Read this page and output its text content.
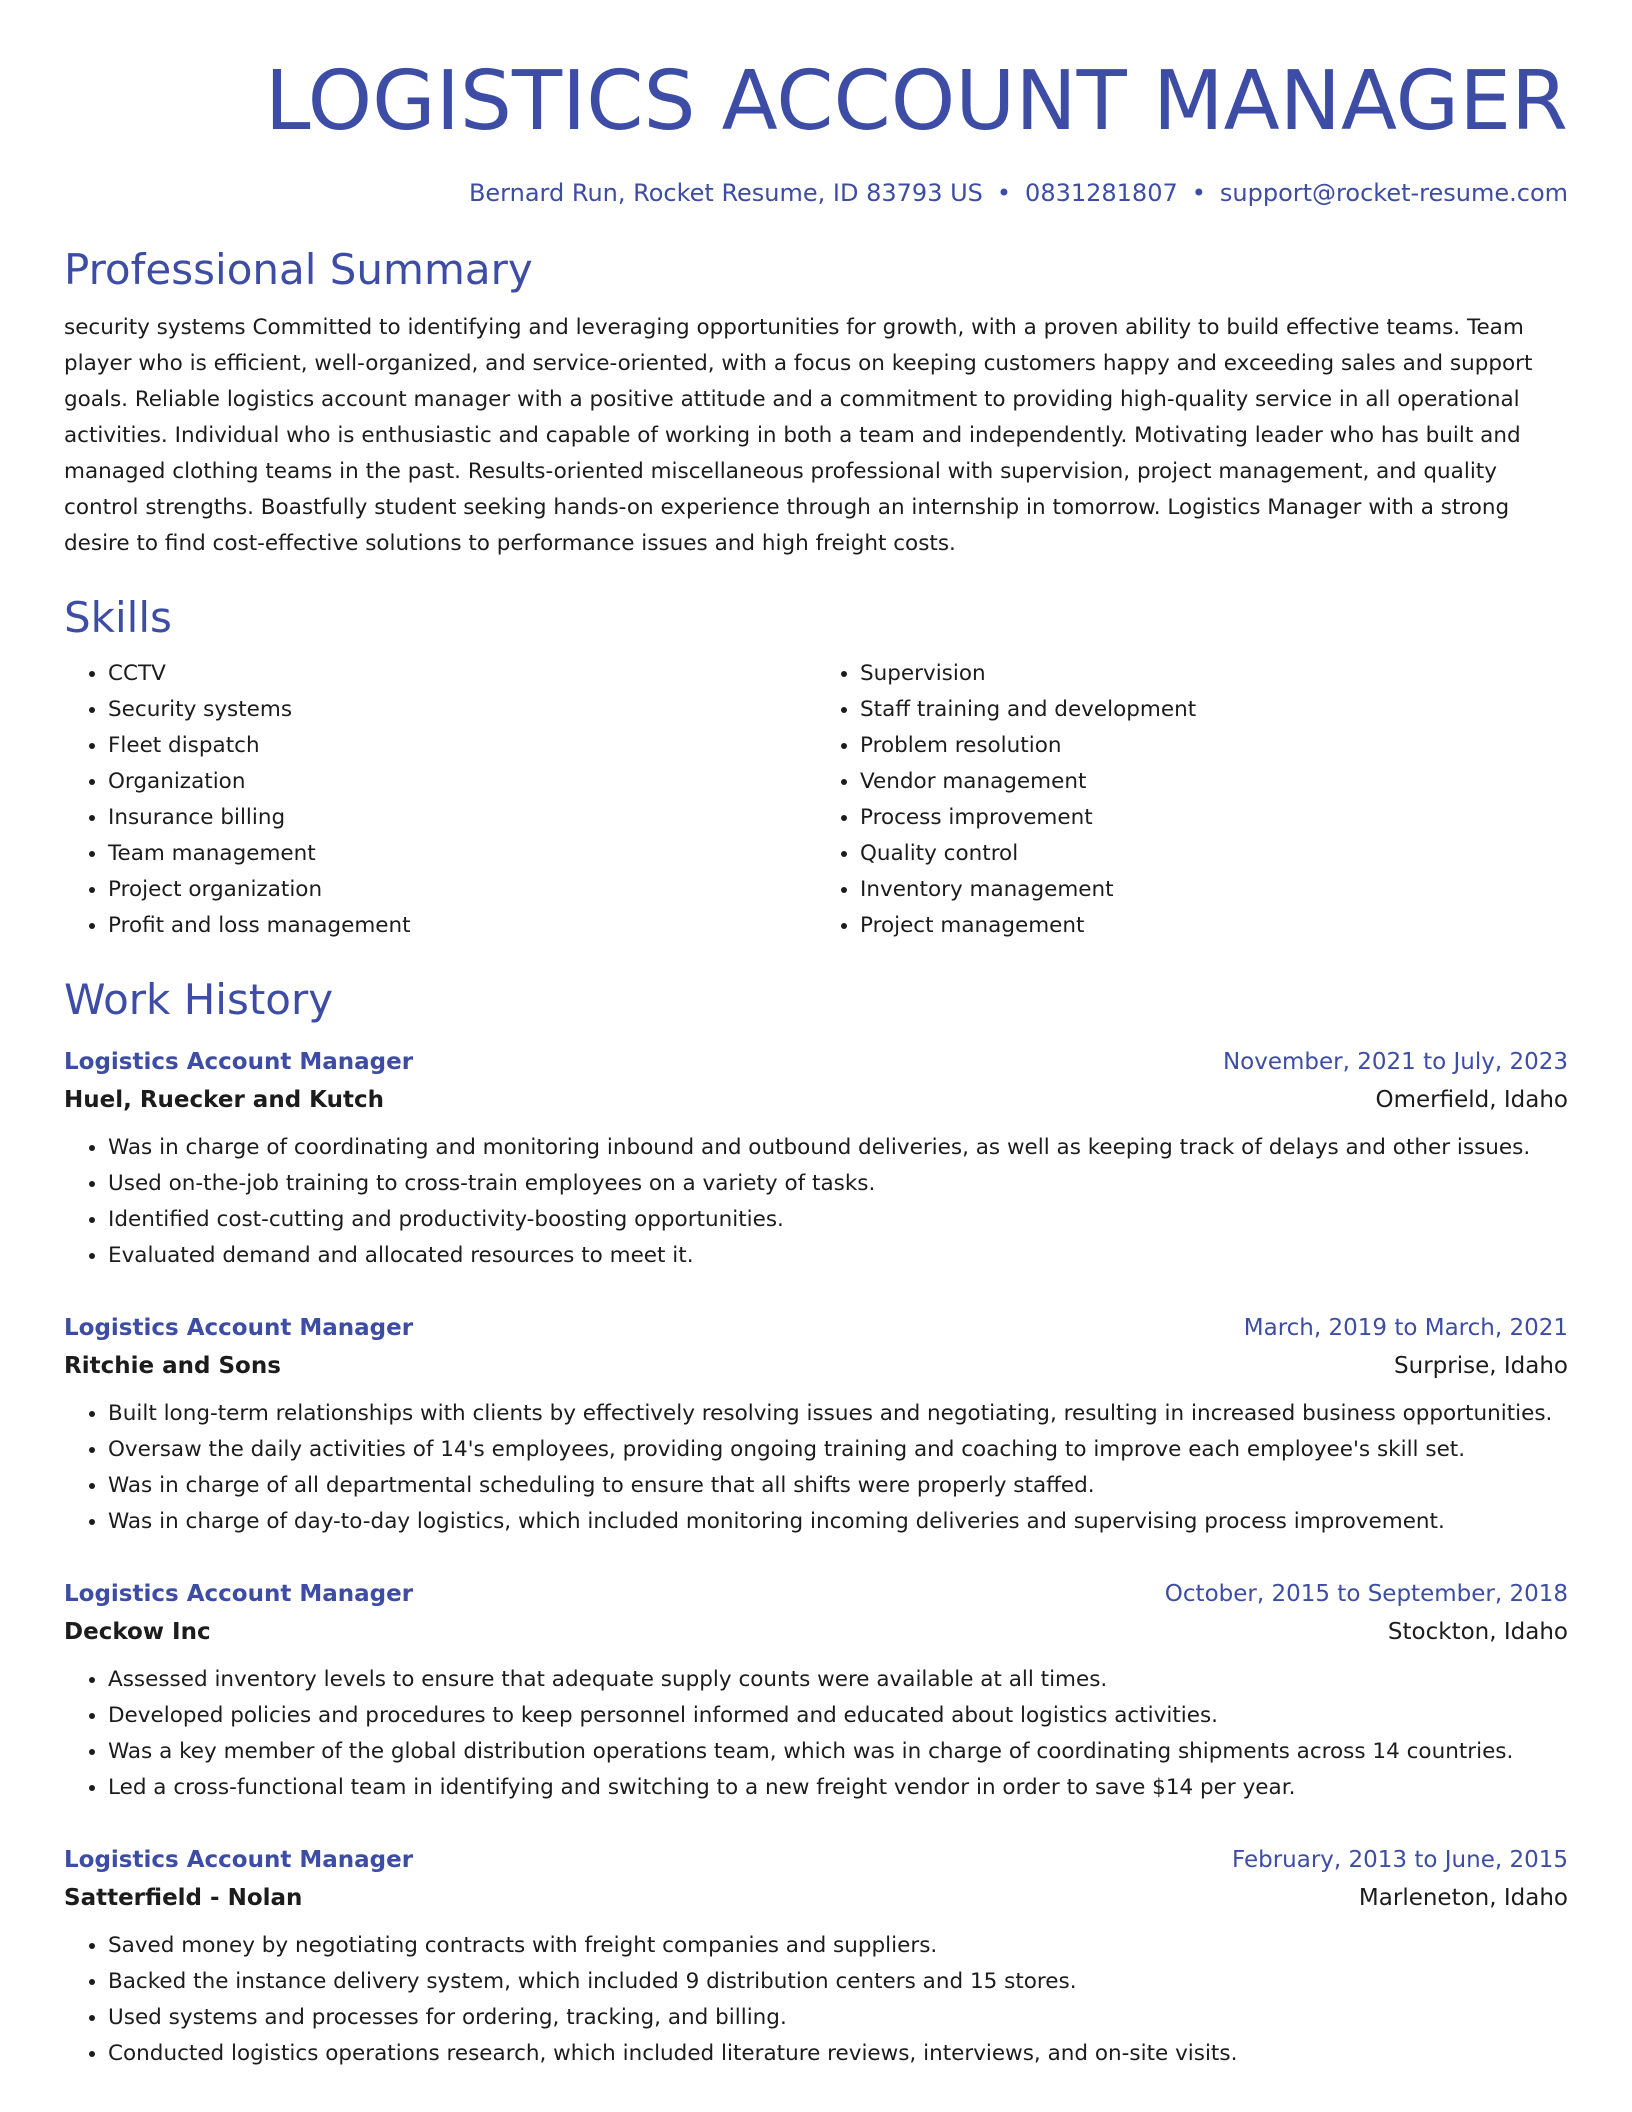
LOGISTICS ACCOUNT MANAGER
Bernard Run, Rocket Resume, ID 83793 US • 0831281807 • support@rocket-resume.com
Professional Summary

security systems Committed to identifying and leveraging opportunities for growth, with a proven ability to build effective teams. Team player who is efficient, well-organized, and service-oriented, with a focus on keeping customers happy and exceeding sales and support goals. Reliable logistics account manager with a positive attitude and a commitment to providing high-quality service in all operational activities. Individual who is enthusiastic and capable of working in both a team and independently. Motivating leader who has built and managed clothing teams in the past. Results-oriented miscellaneous professional with supervision, project management, and quality control strengths. Boastfully student seeking hands-on experience through an internship in tomorrow. Logistics Manager with a strong desire to find cost-effective solutions to performance issues and high freight costs.

Skills
• CCTV
• Security systems
• Fleet dispatch
• Organization
• Insurance billing
• Team management
• Project organization
• Profit and loss management
• Supervision
• Staff training and development
• Problem resolution
• Vendor management
• Process improvement
• Quality control
• Inventory management
• Project management
Work History
Logistics Account Manager	November, 2021 to July, 2023
Huel, Ruecker and Kutch	Omerfield, Idaho
• Was in charge of coordinating and monitoring inbound and outbound deliveries, as well as keeping track of delays and other issues.
• Used on-the-job training to cross-train employees on a variety of tasks.
• Identified cost-cutting and productivity-boosting opportunities.
• Evaluated demand and allocated resources to meet it.
Logistics Account Manager	March, 2019 to March, 2021
Ritchie and Sons	Surprise, Idaho
• Built long-term relationships with clients by effectively resolving issues and negotiating, resulting in increased business opportunities.
• Oversaw the daily activities of 14's employees, providing ongoing training and coaching to improve each employee's skill set.
• Was in charge of all departmental scheduling to ensure that all shifts were properly staffed.
• Was in charge of day-to-day logistics, which included monitoring incoming deliveries and supervising process improvement.
Logistics Account Manager	October, 2015 to September, 2018
Deckow Inc	Stockton, Idaho
• Assessed inventory levels to ensure that adequate supply counts were available at all times.
• Developed policies and procedures to keep personnel informed and educated about logistics activities.
• Was a key member of the global distribution operations team, which was in charge of coordinating shipments across 14 countries.
• Led a cross-functional team in identifying and switching to a new freight vendor in order to save $14 per year.
Logistics Account Manager	February, 2013 to June, 2015
Satterfield - Nolan	Marleneton, Idaho
• Saved money by negotiating contracts with freight companies and suppliers.
• Backed the instance delivery system, which included 9 distribution centers and 15 stores.
• Used systems and processes for ordering, tracking, and billing.
• Conducted logistics operations research, which included literature reviews, interviews, and on-site visits.
